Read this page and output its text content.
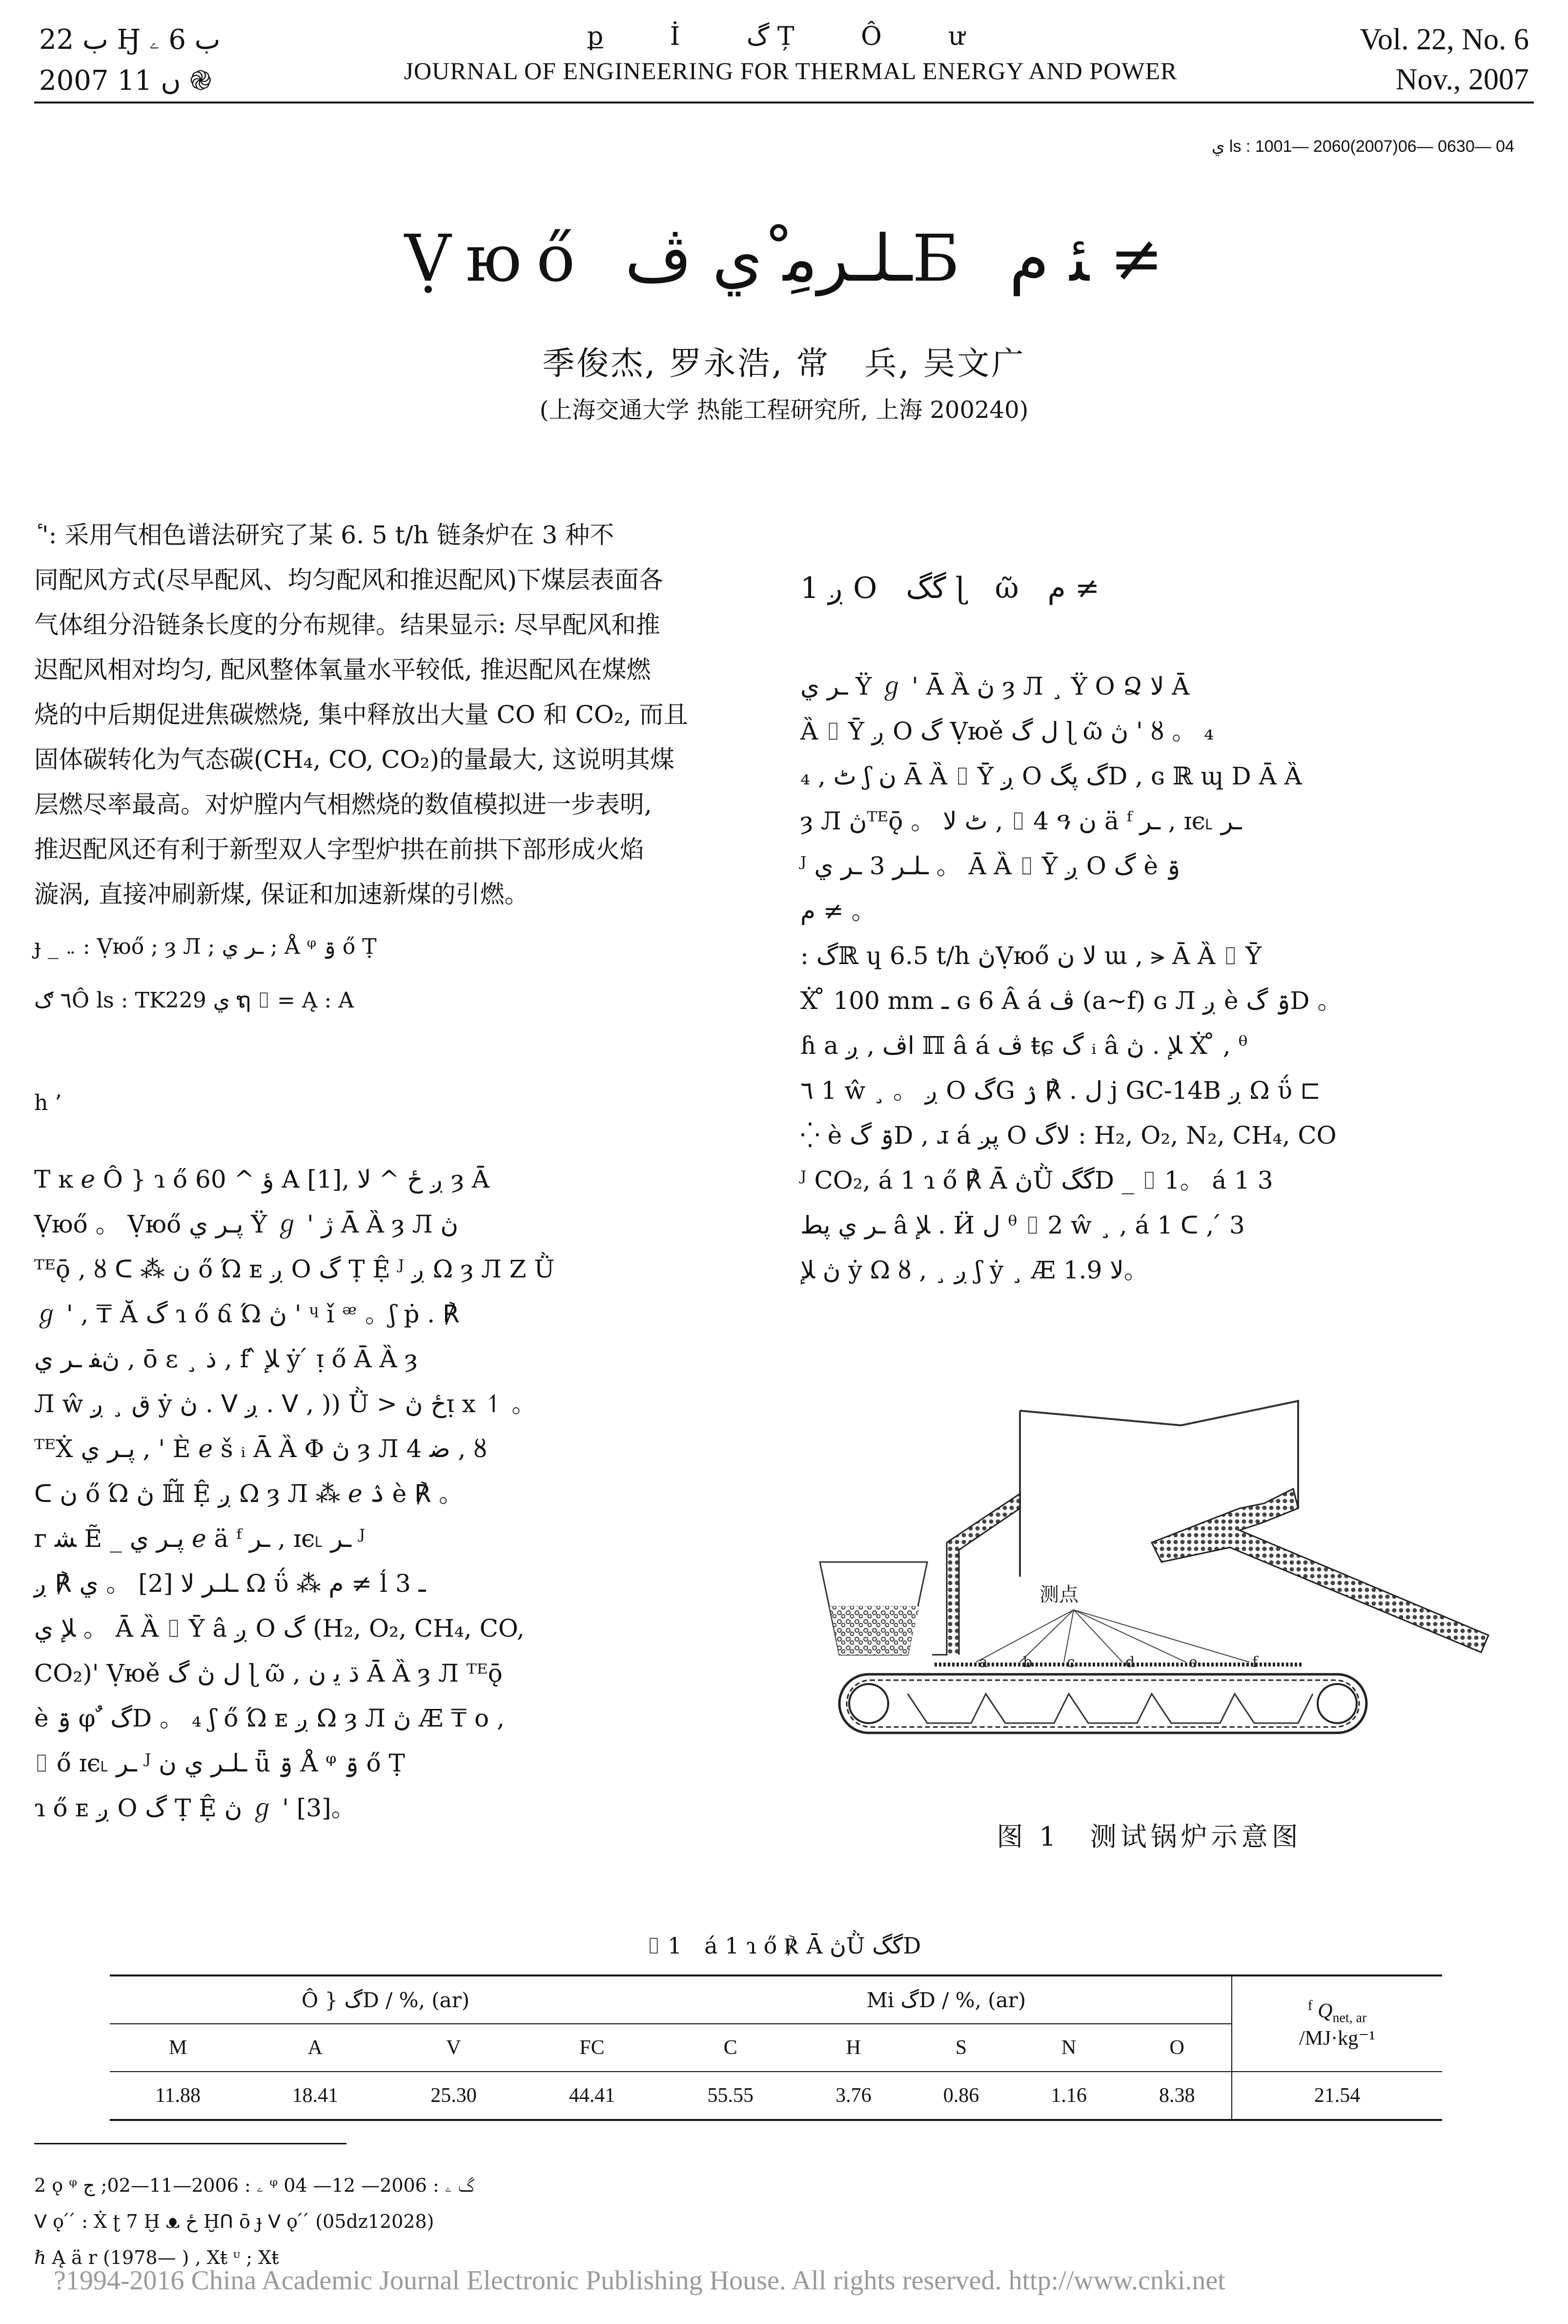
ب 22 Ӈ ب 6 ۦ
2007 ں 11 ֎
ք İ گ Ț Ô ư
JOURNAL OF ENGINEERING FOR THERMAL ENERGY AND POWER
Vol. 22, No. 6
Nov., 2007
ي ls : 1001— 2060(2007)06— 0630— 04
Ṿюő ـلـﺮﻣِ ْﻱ ڤБ ﺌ ﻡ ≠
季俊杰, 罗永浩, 常　兵, 吴文广
(上海交通大学 热能工程研究所, 上海 200240)

ٔ ': 采用气相色谱法研究了某 6. 5 t/h 链条炉在 3 种不

同配风方式(尽早配风、均匀配风和推迟配风)下煤层表面各

气体组分沿链条长度的分布规律。结果显示: 尽早配风和推

迟配风相对均匀, 配风整体氧量水平较低, 推迟配风在煤燃

烧的中后期促进焦碳燃烧, 集中释放出大量 CO 和 CO₂, 而且

固体碳转化为气态碳(CH₄, CO, CO₂)的量最大, 这说明其煤

层燃尽率最高。对炉膛内气相燃烧的数值模拟进一步表明,

推迟配风还有利于新型双人字型炉拱在前拱下部形成火焰

漩涡, 直接冲刷新煤, 保证和加速新煤的引燃。

ɟ _ ܅ : Ṿюő ; ȝ Л ; ـﺮ ﻱ ; Å ᵠ ۊ ő Ṭ
٦ ګÔ ls : TK229 ي ຖ ⌷ = Ą : A
h ’

T ĸ ℯ Ô } ɿ ő 60 ^ ؤ A [1], ږ ځ ^ ﻻ ȝ Ā

Ṿюő 。 Ṿюő ڽـﺮ ﻱ Ÿ ℊ ' ژ Ā Ȁ ȝ Л ڽ

ᵀᴱǭ , ȣ ᑕ ⁂ ﻥ ő Ώ ᴇ ږ O گ Ṭ Ệ ᴶ ږ Ω ȝ Л Ζ Ǜ

ℊ ' , ₸ Ӑ گ ɿ ő ճ Ώ ڽ ' ᶣ ǐ ᵆ 。ʃ ṗ . ℟

ڽﻔ ـﺮ ﻱ , ō ε ¸ ذ , f ̂ ﻺ ẏ ́ ᴉ ő Ā Ȁ ȝ

Л ŵ ﻕ ¸ ږ ẏ ڽ . ᐯ ږ . ᐯ , )) Ǜ > ځ ڽᴉ x ↿ 。

ᵀᴱẊ ڽـﺮ ﻱ , ' È ℯ š ᵢ Ā Ȁ Φ ڽ ȝ Л 4 ﺿ , ȣ

ᑕ ﻥ ő Ώ ڽ ℍ̃ Ệ ږ Ω ȝ Л ⁂ ℯ ۮ è ℟ 。

ᴦ ﺸ Ẽ _ ڽـﺮ ﻱ ℯ ä ᶠ ـﺮ , ɪє˪ ـﺮ ᴶ

ـلـﺮ ﻻ [2] 。 ي ℟ ږ Ω ΰ ⁂ ﻡ ≠ ĺ 3 ـ

ﻺ ﻱ 。 Ā Ȁ ⌷ Ȳ â ږ O گ (H₂, O₂, CH₄, CO,

CO₂)' Ṿюě ﻝ ڽ گ ɭ ῶ , ڌ ﻳ ﻥ Ā Ȁ ȝ Л ᵀᴱǭ

è ۊ φ ٌ گD 。 ₄ ʃ ő Ώ ᴇ ږ Ω ȝ Л ڽ Æ ₸ o ,

⌷ ő ɪє˪ ـﺮ ᴶ ـلـﺮ ﻱ ﻥ ǖ ۊ Å ᵠ ۊ ő Ṭ

ɿ ő ᴇ ږ O گ Ṭ Ệ ڽ ℊ ' [3]。

1 ږ O گگ ɭ ῶ ﻡ ≠

ـﺮ ﻱ Ÿ ℊ ' Ā Ȁ ڽ ȝ Л ¸ Ÿ O Ձ ﻻ Ā

Ȁ ⌷ Ȳ ږ O گ Ṿюě ﻝ گ ɭ ῶ ڽ ' ȣ 。 ₄

ٹ , ₄ ʃ ﻥ Ā Ȁ ⌷ Ȳ ږ O گ ڽگD , ɢ ℝ ɰ D Ā Ȁ

ȝ Л ڽᵀᴱǭ 。 ٹ ﻻ , ⌷ 4 ዓ ﻥ ä ᶠ ـﺮ , ɪє˪ ـﺮ

ᴶ ـلـﺮ 3 ـﺮ ﻱ 。 Ā Ȁ ⌷ Ȳ ږ O گ è ۊ

ﻡ ≠ 。

: گℝ ɥ 6.5 t/h ڽṾюő ﻻ ﻥ ɯ , ⪫ Ā Ȁ ⌷ Ȳ

Ẋ ̊ 100 mm ـ ɢ 6 Â á ڤ (a~f) ɢ Л ږ è ۊ گD 。

ɦ a ﺍڤ , ږ ℿ â á ڤ ŧɕ گ ᵢ â ﻺ . ڽ Ẋ ̊ , ᶿ

٦ 1 ŵ ¸ 。 ږ O گG ﻝ . ℟ ۯ j GC-14B ږ Ω ΰ ⊏

⁛ è ۊ گD , ɹ á ڽږ O ﻻگ : H₂, O₂, N₂, CH₄, CO

ᴶ CO₂, á 1 ɿ ő ℟ Ā ڽǛ گگD _ ⌷ 1。 á 1 3

ـﺮ ﻱ ڽط â ﻺ . Ӥ ﻝ ᶿ ⌷ 2 ŵ ¸ , á 1 ᑕ , ́ 3

ڽ ﻺ ẏ Ω ȣ , ¸ ږ ʃ ẏ ¸ Æ ﻻ 1.9。

测点
a b c	d	e	f
图 1　测试锅炉示意图
⌷ 1　á 1 ɿ ő ℟ Ā ڽǛ گگD
Ô } گD / %, (ar)				Mi گD / %, (ar)					$^f$ $Q_{net, ar}$
/MJ·kg⁻¹
M	A	V	FC	C	H	S	N	O	
11.88	18.41	25.30	44.41	55.55	3.76	0.86	1.16	8.38	21.54
2 ǫ ᵠ ۦ : 2006—11—02; ج ᵠ گ ۦ : 2006— 12— 04
ᐯ ǫ ́ ́ : Ẋ ʈ 7 Ḫ ᴥ ځ Ḫᑎ ō ɟ ᐯ ǫ ́ ́ (05dz12028)
ℏ Ą ä r (1978— ) , Xŧ ᶸ ; Xŧ
?1994-2016 China Academic Journal Electronic Publishing House. All rights reserved. http://www.cnki.net
